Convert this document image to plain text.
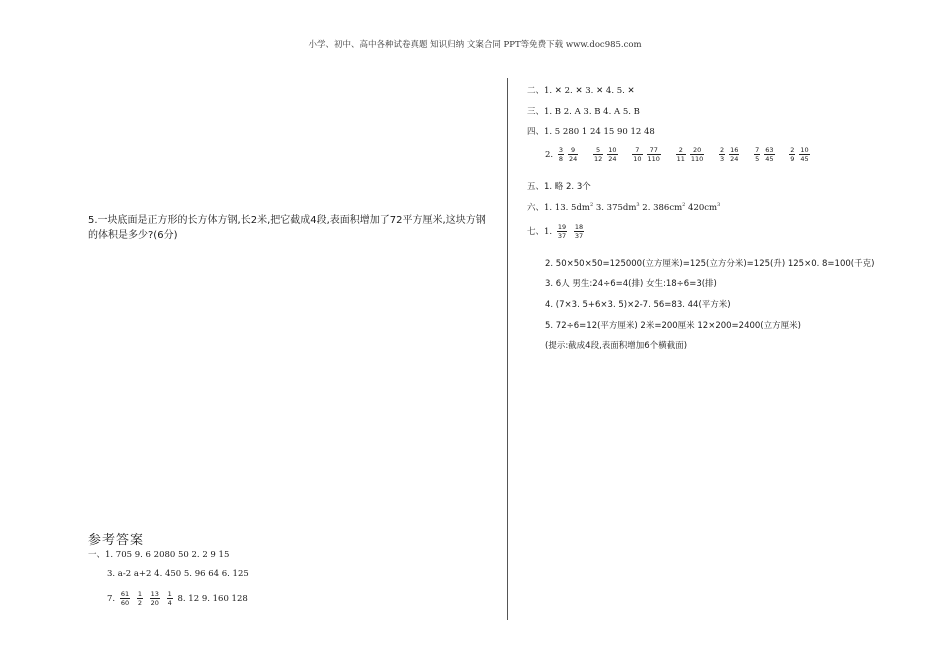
小学、初中、高中各种试卷真题 知识归纳 文案合同 PPT等免费下载 www.doc985.com
5.一块底面是正方形的长方体方钢,长2米,把它截成4段,表面积增加了72平方厘米,这块方钢的体积是多少?(6分)
参考答案
一、1. 705 9. 6 2080 50 2. 2 9 15
3. a-2 a+2 4. 450 5. 96 64 6. 125
7. $\frac{61}{60}$
$\frac{1}{2}$
$\frac{13}{20}$
$\frac{1}{4} 8$. 12 9. 160 128
二、1. ✕ 2. ✕ 3. ✕ 4. 5. ✕
三、1. B 2. A 3. B 4. A 5. B
四、1. 5 280 1 24 15 90 12 48
2. $\frac{3}{8} \frac{9}{24}$
$\frac{5}{12} \frac{10}{24}$
$\frac{7}{10} \frac{77}{110}$
$\frac{2}{11} \frac{20}{110}$
$\frac{2}{3} \frac{16}{24}$
$\frac{7}{5} \frac{63}{45}$
$\frac{2}{9} \frac{10}{45}$
五、1. 略 2. 3个
六、1. 13. $5dm^2$ 3. $375dm^3$ 2. $386cm^2$ $420cm^3$
七、1. $\frac{19}{37}$
$\frac{18}{37}$
2. 50×50×50=125000(立方厘米)=125(立方分米)=125(升) 125×0. 8=100(千克)
3. 6人 男生:24÷6=4(排) 女生:18÷6=3(排)
4. (7×3. 5+6×3. 5)×2-7. 56=83. 44(平方米)
5. 72÷6=12(平方厘米) 2米=200厘米 12×200=2400(立方厘米)
(提示:截成4段,表面积增加6个横截面)
